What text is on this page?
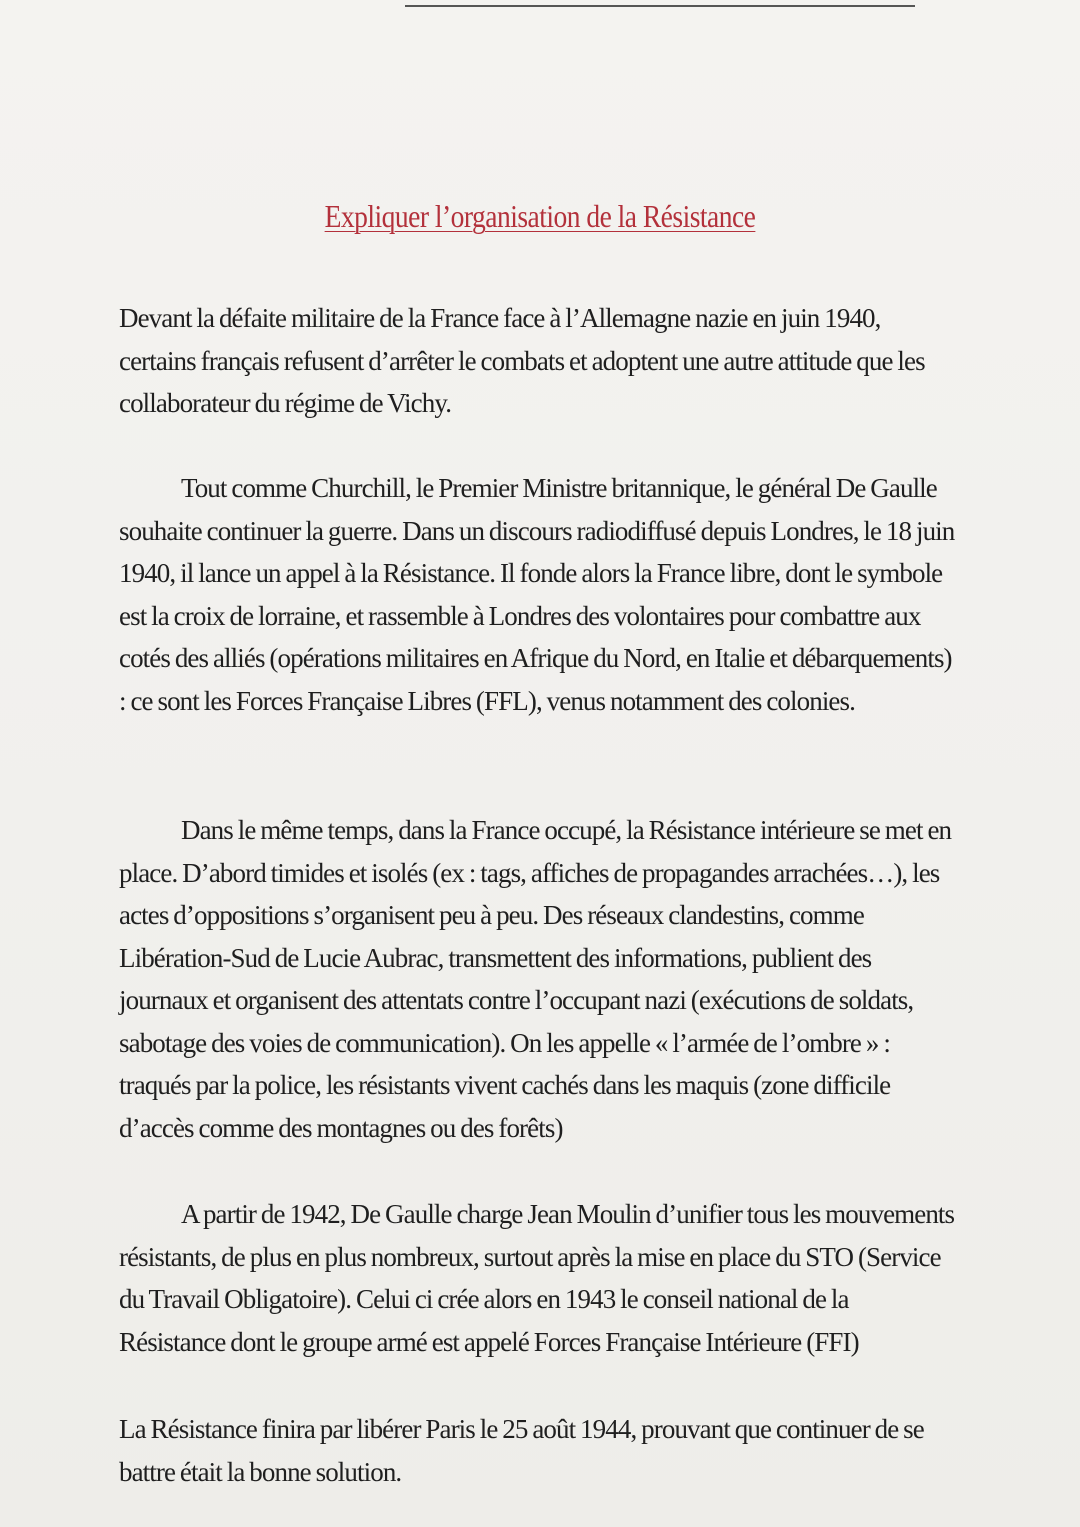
Expliquer l’organisation de la Résistance

Devant la défaite militaire de la France face à l’Allemagne nazie en juin 1940, certains français refusent d’arrêter le combats et adoptent une autre attitude que les collaborateur du régime de Vichy.

Tout comme Churchill, le Premier Ministre britannique, le général De Gaulle souhaite continuer la guerre. Dans un discours radiodiffusé depuis Londres, le 18 juin 1940, il lance un appel à la Résistance. Il fonde alors la France libre, dont le symbole est la croix de lorraine, et rassemble à Londres des volontaires pour combattre aux cotés des alliés (opérations militaires en Afrique du Nord, en Italie et débarquements) : ce sont les Forces Française Libres (FFL), venus notamment des colonies.

Dans le même temps, dans la France occupé, la Résistance intérieure se met en place. D’abord timides et isolés (ex : tags, affiches de propagandes arrachées…), les actes d’oppositions s’organisent peu à peu. Des réseaux clandestins, comme Libération-Sud de Lucie Aubrac, transmettent des informations, publient des journaux et organisent des attentats contre l’occupant nazi (exécutions de soldats, sabotage des voies de communication). On les appelle « l’armée de l’ombre » : traqués par la police, les résistants vivent cachés dans les maquis (zone difficile d’accès comme des montagnes ou des forêts)

A partir de 1942, De Gaulle charge Jean Moulin d’unifier tous les mouvements résistants, de plus en plus nombreux, surtout après la mise en place du STO (Service du Travail Obligatoire). Celui ci crée alors en 1943 le conseil national de la Résistance dont le groupe armé est appelé Forces Française Intérieure (FFI)

La Résistance finira par libérer Paris le 25 août 1944, prouvant que continuer de se battre était la bonne solution.
